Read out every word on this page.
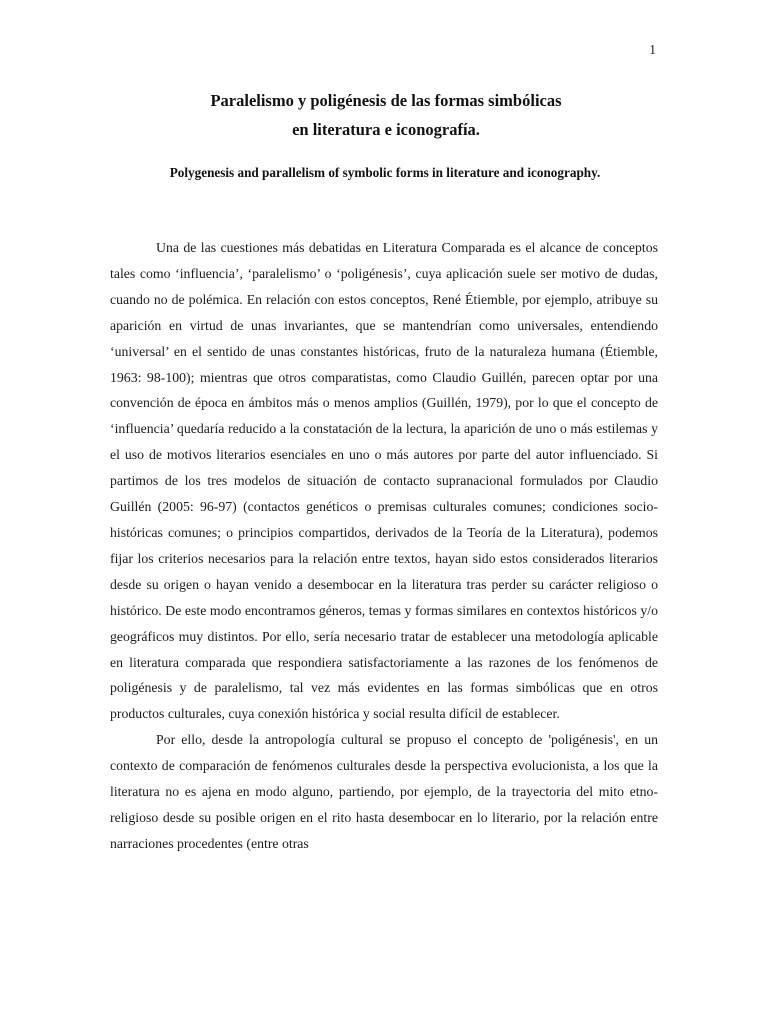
1
Paralelismo y poligénesis de las formas simbólicas
en literatura e iconografía.
Polygenesis and parallelism of symbolic forms in literature and iconography.

Una de las cuestiones más debatidas en Literatura Comparada es el alcance de conceptos tales como ‘influencia’, ‘paralelismo’ o ‘poligénesis’, cuya aplicación suele ser motivo de dudas, cuando no de polémica. En relación con estos conceptos, René Étiemble, por ejemplo, atribuye su aparición en virtud de unas invariantes, que se mantendrían como universales, entendiendo ‘universal’ en el sentido de unas constantes históricas, fruto de la naturaleza humana (Étiemble, 1963: 98-100); mientras que otros comparatistas, como Claudio Guillén, parecen optar por una convención de época en ámbitos más o menos amplios (Guillén, 1979), por lo que el concepto de ‘influencia’ quedaría reducido a la constatación de la lectura, la aparición de uno o más estilemas y el uso de motivos literarios esenciales en uno o más autores por parte del autor influenciado. Si partimos de los tres modelos de situación de contacto supranacional formulados por Claudio Guillén (2005: 96-97) (contactos genéticos o premisas culturales comunes; condiciones socio-históricas comunes; o principios compartidos, derivados de la Teoría de la Literatura), podemos fijar los criterios necesarios para la relación entre textos, hayan sido estos considerados literarios desde su origen o hayan venido a desembocar en la literatura tras perder su carácter religioso o histórico. De este modo encontramos géneros, temas y formas similares en contextos históricos y/o geográficos muy distintos. Por ello, sería necesario tratar de establecer una metodología aplicable en literatura comparada que respondiera satisfactoriamente a las razones de los fenómenos de poligénesis y de paralelismo, tal vez más evidentes en las formas simbólicas que en otros productos culturales, cuya conexión histórica y social resulta difícil de establecer.

Por ello, desde la antropología cultural se propuso el concepto de 'poligénesis', en un contexto de comparación de fenómenos culturales desde la perspectiva evolucionista, a los que la literatura no es ajena en modo alguno, partiendo, por ejemplo, de la trayectoria del mito etno-religioso desde su posible origen en el rito hasta desembocar en lo literario, por la relación entre narraciones procedentes (entre otras
